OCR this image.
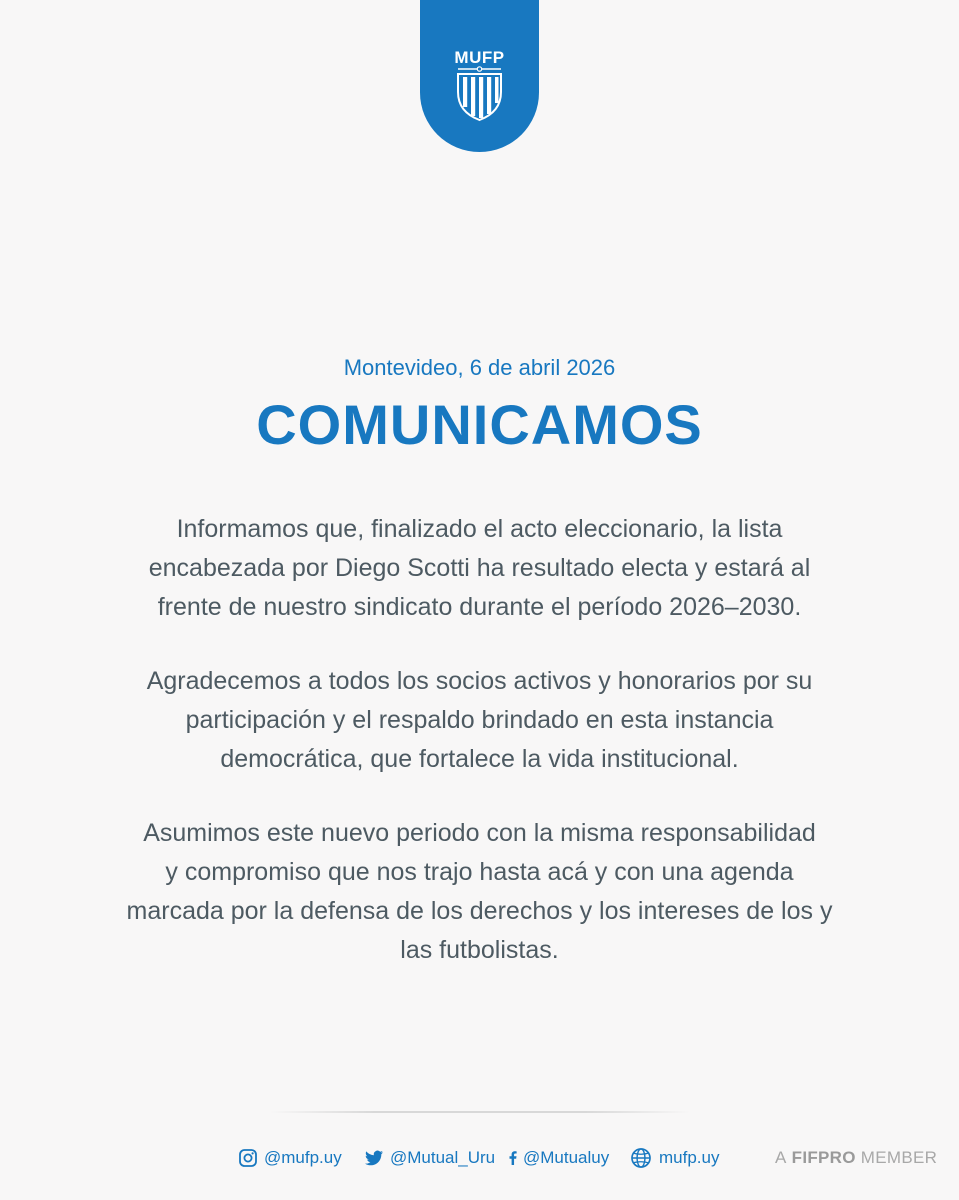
MUFP
Montevideo, 6 de abril 2026
COMUNICAMOS
Informamos que, finalizado el acto eleccionario, la lista
encabezada por Diego Scotti ha resultado electa y estará al
frente de nuestro sindicato durante el período 2026–2030.
Agradecemos a todos los socios activos y honorarios por su
participación y el respaldo brindado en esta instancia
democrática, que fortalece la vida institucional.
Asumimos este nuevo periodo con la misma responsabilidad
y compromiso que nos trajo hasta acá y con una agenda
marcada por la defensa de los derechos y los intereses de los y
las futbolistas.
@mufp.uy	@Mutual_Uru @Mutualuy	mufp.uy	A FIFPRO MEMBER
